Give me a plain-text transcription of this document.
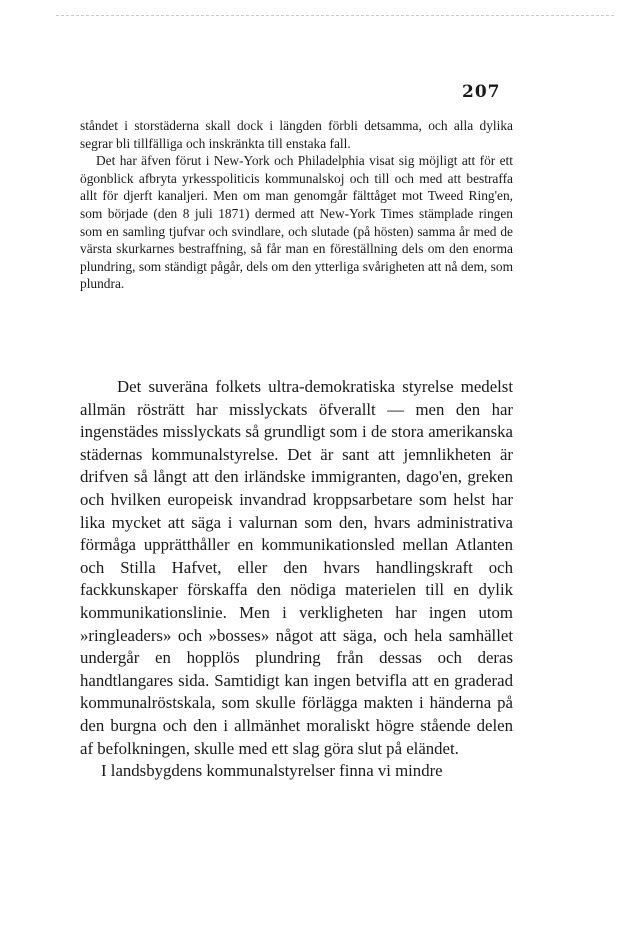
207

ståndet i storstäderna skall dock i längden förbli detsamma, och alla dylika segrar bli tillfälliga och inskränkta till enstaka fall.

Det har äfven förut i New-York och Philadelphia visat sig möjligt att för ett ögonblick afbryta yrkesspoliticis kommunalskoj och till och med att bestraffa allt för djerft kanaljeri. Men om man genomgår fälttåget mot Tweed Ring'en, som började (den 8 juli 1871) dermed att New-York Times stämplade ringen som en samling tjufvar och svindlare, och slutade (på hösten) samma år med de värsta skurkarnes bestraffning, så får man en föreställning dels om den enorma plundring, som ständigt pågår, dels om den ytterliga svårigheten att nå dem, som plundra.

Det suveräna folkets ultra-demokratiska styrelse medelst allmän rösträtt har misslyckats öfverallt — men den har ingenstädes misslyckats så grundligt som i de stora amerikanska städernas kommunalstyrelse. Det är sant att jemnlikheten är drifven så långt att den irländske immigranten, dago'en, greken och hvilken europeisk invandrad kroppsarbetare som helst har lika mycket att säga i valurnan som den, hvars administrativa förmåga upprätthåller en kommunikationsled mellan Atlanten och Stilla Hafvet, eller den hvars handlingskraft och fackkunskaper förskaffa den nödiga materielen till en dylik kommunikationslinie. Men i verkligheten har ingen utom »ringleaders» och »bosses» något att säga, och hela samhället undergår en hopplös plundring från dessas och deras handtlangares sida. Samtidigt kan ingen betvifla att en graderad kommunalröstskala, som skulle förlägga makten i händerna på den burgna och den i allmänhet moraliskt högre stående delen af befolkningen, skulle med ett slag göra slut på eländet.

I landsbygdens kommunalstyrelser finna vi mindre
